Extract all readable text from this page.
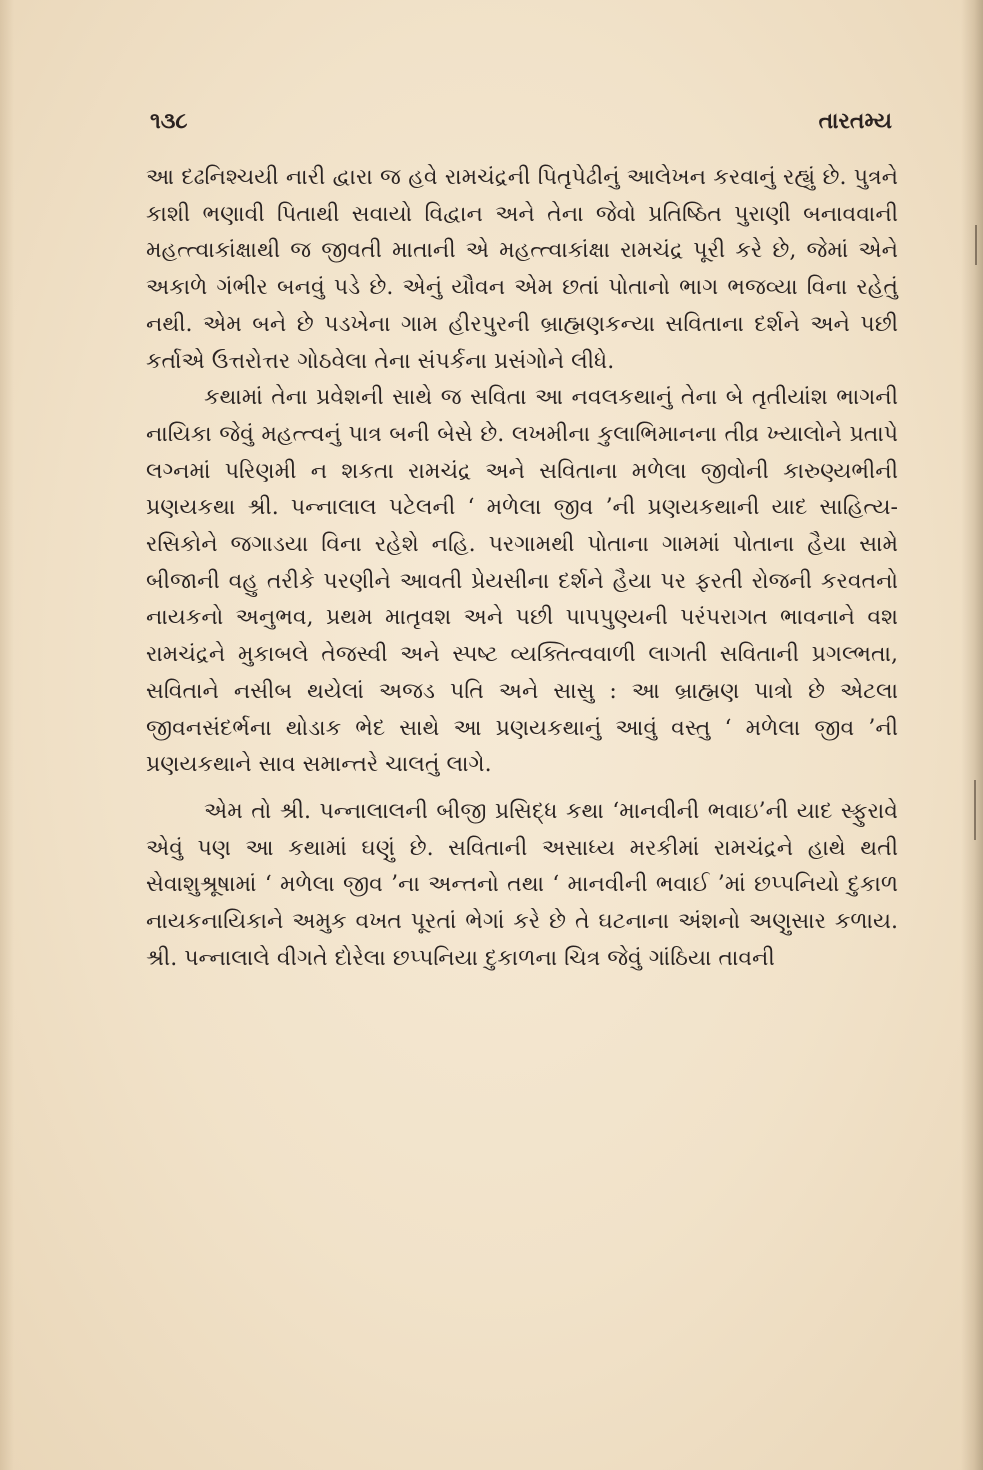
૧૩૮	તારતમ્ય

આ દઢનિશ્ચયી નારી દ્વારા જ હવે રામચંદ્રની પિતૃપેઢીનું આલેખન કરવાનું રહ્યું છે. પુત્રને કાશી ભણાવી પિતાથી સવાયો વિદ્વાન અને તેના જેવો પ્રતિષ્ઠિત પુરાણી બનાવવાની મહત્ત્વાકાંક્ષાથી જ જીવતી માતાની એ મહત્ત્વાકાંક્ષા રામચંદ્ર પૂરી કરે છે, જેમાં એને અકાળે ગંભીર બનવું પડે છે. એનું યૌવન એમ છતાં પોતાનો ભાગ ભજવ્યા વિના રહેતું નથી. એમ બને છે પડખેના ગામ હીરપુરની બ્રાહ્મણકન્યા સવિતાના દર્શને અને પછી કર્તાએ ઉત્તરોત્તર ગોઠવેલા તેના સંપર્કના પ્રસંગોને લીધે.

કથામાં તેના પ્રવેશની સાથે જ સવિતા આ નવલકથાનું તેના બે તૃતીયાંશ ભાગની નાયિકા જેવું મહત્ત્વનું પાત્ર બની બેસે છે. લખમીના કુલાભિમાનના તીવ્ર ખ્યાલોને પ્રતાપે લગ્નમાં પરિણમી ન શકતા રામચંદ્ર અને સવિતાના મળેલા જીવોની કારુણ્યભીની પ્રણયકથા શ્રી. પન્નાલાલ પટેલની ‘ મળેલા જીવ ’ની પ્રણયકથાની યાદ સાહિત્ય-રસિકોને જગાડયા વિના રહેશે નહિ. પરગામથી પોતાના ગામમાં પોતાના હૈયા સામે બીજાની વહુ તરીકે પરણીને આવતી પ્રેયસીના દર્શને હૈયા પર ફરતી રોજની કરવતનો નાયકનો અનુભવ, પ્રથમ માતૃવશ અને પછી પાપપુણ્યની પરંપરાગત ભાવનાને વશ રામચંદ્રને મુકાબલે તેજસ્વી અને સ્પષ્ટ વ્યક્તિત્વવાળી લાગતી સવિતાની પ્રગલ્ભતા, સવિતાને નસીબ થયેલાં અજડ પતિ અને સાસુ : આ બ્રાહ્મણ પાત્રો છે એટલા જીવનસંદર્ભના થોડાક ભેદ સાથે આ પ્રણયકથાનું આવું વસ્તુ ‘ મળેલા જીવ ’ની પ્રણયકથાને સાવ સમાન્તરે ચાલતું લાગે.

એમ તો શ્રી. પન્નાલાલની બીજી પ્રસિદ્ધ કથા ‘માનવીની ભવાઇ’ની યાદ સ્ફુરાવે એવું પણ આ કથામાં ઘણું છે. સવિતાની અસાધ્ય મરકીમાં રામચંદ્રને હાથે થતી સેવાશુશ્રૂષામાં ‘ મળેલા જીવ ’ના અન્તનો તથા ‘ માનવીની ભવાઈ ’માં છપ્પનિયો દુકાળ નાયકનાયિકાને અમુક વખત પૂરતાં ભેગાં કરે છે તે ઘટનાના અંશનો અણુસાર કળાય. શ્રી. પન્નાલાલે વીગતે દોરેલા છપ્પનિયા દુકાળના ચિત્ર જેવું ગાંઠિયા તાવની
